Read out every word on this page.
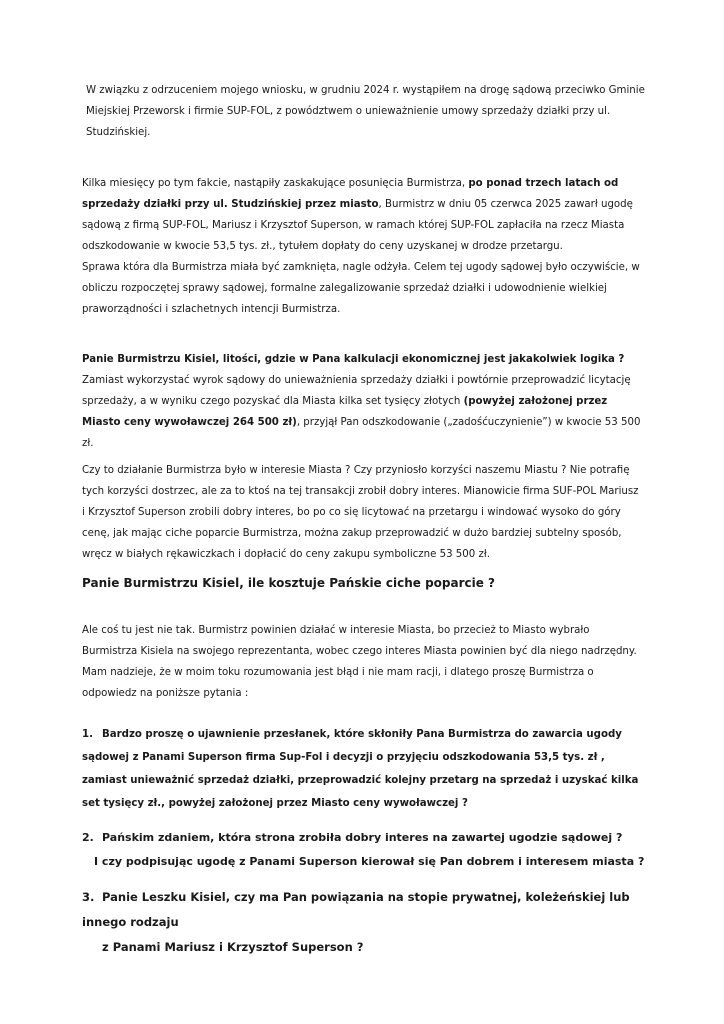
W związku z odrzuceniem mojego wniosku, w grudniu 2024 r. wystąpiłem na drogę sądową przeciwko Gminie Miejskiej Przeworsk i firmie SUP-FOL, z powództwem o unieważnienie umowy sprzedaży działki przy ul. Studzińskiej.

Kilka miesięcy po tym fakcie, nastąpiły zaskakujące posunięcia Burmistrza, po ponad trzech latach od sprzedaży działki przy ul. Studzińskiej przez miasto, Burmistrz w dniu 05 czerwca 2025 zawarł ugodę sądową z firmą SUP-FOL, Mariusz i Krzysztof Superson, w ramach której SUP-FOL zapłaciła na rzecz Miasta odszkodowanie w kwocie 53,5 tys. zł., tytułem dopłaty do ceny uzyskanej w drodze przetargu.
Sprawa która dla Burmistrza miała być zamknięta, nagle odżyła. Celem tej ugody sądowej było oczywiście, w obliczu rozpoczętej sprawy sądowej, formalne zalegalizowanie sprzedaż działki i udowodnienie wielkiej praworządności i szlachetnych intencji Burmistrza.

Panie Burmistrzu Kisiel, litości, gdzie w Pana kalkulacji ekonomicznej jest jakakolwiek logika ?
Zamiast wykorzystać wyrok sądowy do unieważnienia sprzedaży działki i powtórnie przeprowadzić licytację sprzedaży, a w wyniku czego pozyskać dla Miasta kilka set tysięcy złotych (powyżej założonej przez Miasto ceny wywoławczej 264 500 zł), przyjął Pan odszkodowanie („zadośćuczynienie”) w kwocie 53 500 zł.

Czy to działanie Burmistrza było w interesie Miasta ? Czy przyniosło korzyści naszemu Miastu ? Nie potrafię tych korzyści dostrzec, ale za to ktoś na tej transakcji zrobił dobry interes. Mianowicie firma SUF-POL Mariusz i Krzysztof Superson zrobili dobry interes, bo po co się licytować na przetargu i windować wysoko do góry cenę, jak mając ciche poparcie Burmistrza, można zakup przeprowadzić w dużo bardziej subtelny sposób, wręcz w białych rękawiczkach i dopłacić do ceny zakupu symboliczne 53 500 zł.

Panie Burmistrzu Kisiel, ile kosztuje Pańskie ciche poparcie ?

Ale coś tu jest nie tak. Burmistrz powinien działać w interesie Miasta, bo przecież to Miasto wybrało Burmistrza Kisiela na swojego reprezentanta, wobec czego interes Miasta powinien być dla niego nadrzędny.
Mam nadzieje, że w moim toku rozumowania jest błąd i nie mam racji, i dlatego proszę Burmistrza o odpowiedz na poniższe pytania :

1. Bardzo proszę o ujawnienie przesłanek, które skłoniły Pana Burmistrza do zawarcia ugody sądowej z Panami Superson firma Sup-Fol i decyzji o przyjęciu odszkodowania 53,5 tys. zł , zamiast unieważnić sprzedaż działki, przeprowadzić kolejny przetarg na sprzedaż i uzyskać kilka set tysięcy zł., powyżej założonej przez Miasto ceny wywoławczej ?
2. Pańskim zdaniem, która strona zrobiła dobry interes na zawartej ugodzie sądowej ?
I czy podpisując ugodę z Panami Superson kierował się Pan dobrem i interesem miasta ?
3. Panie Leszku Kisiel, czy ma Pan powiązania na stopie prywatnej, koleżeńskiej lub innego rodzaju
z Panami Mariusz i Krzysztof Superson ?
